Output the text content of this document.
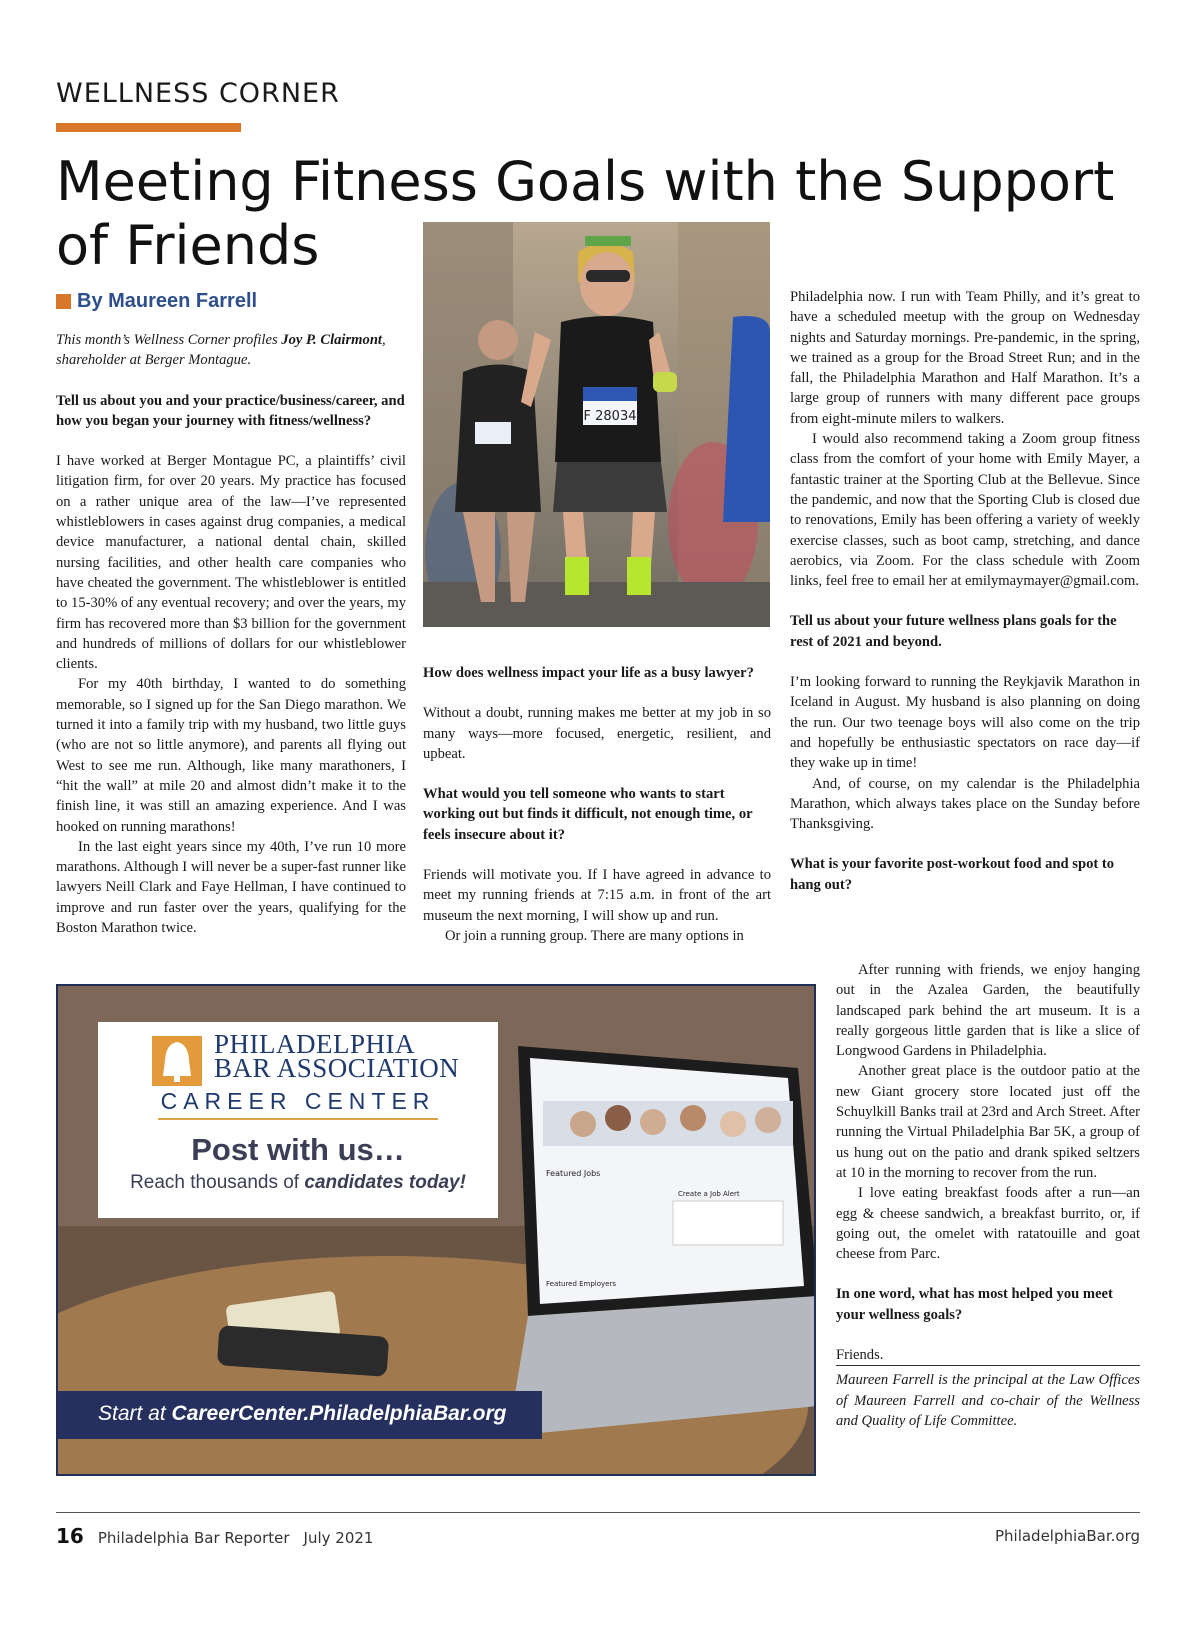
WELLNESS CORNER
Meeting Fitness Goals with the Support of Friends
By Maureen Farrell

This month’s Wellness Corner profiles Joy P. Clairmont, shareholder at Berger Montague.

Tell us about you and your practice/business/career, and how you began your journey with fitness/wellness?

I have worked at Berger Montague PC, a plaintiffs’ civil litigation firm, for over 20 years. My practice has focused on a rather unique area of the law—I’ve represented whistleblowers in cases against drug companies, a medical device manufacturer, a national dental chain, skilled nursing facilities, and other health care companies who have cheated the government. The whistleblower is entitled to 15-30% of any eventual recovery; and over the years, my firm has recovered more than $3 billion for the government and hundreds of millions of dollars for our whistleblower clients.

For my 40th birthday, I wanted to do something memorable, so I signed up for the San Diego marathon. We turned it into a family trip with my husband, two little guys (who are not so little anymore), and parents all flying out West to see me run. Although, like many marathoners, I “hit the wall” at mile 20 and almost didn’t make it to the finish line, it was still an amazing experience. And I was hooked on running marathons!

In the last eight years since my 40th, I’ve run 10 more marathons. Although I will never be a super-fast runner like lawyers Neill Clark and Faye Hellman, I have continued to improve and run faster over the years, qualifying for the Boston Marathon twice.

F 28034

How does wellness impact your life as a busy lawyer?

Without a doubt, running makes me better at my job in so many ways—more focused, energetic, resilient, and upbeat.

What would you tell someone who wants to start working out but finds it difficult, not enough time, or feels insecure about it?

Friends will motivate you. If I have agreed in advance to meet my running friends at 7:15 a.m. in front of the art museum the next morning, I will show up and run.

Or join a running group. There are many options in

Philadelphia now. I run with Team Philly, and it’s great to have a scheduled meetup with the group on Wednesday nights and Saturday mornings. Pre-pandemic, in the spring, we trained as a group for the Broad Street Run; and in the fall, the Philadelphia Marathon and Half Marathon. It’s a large group of runners with many different pace groups from eight-minute milers to walkers.

I would also recommend taking a Zoom group fitness class from the comfort of your home with Emily Mayer, a fantastic trainer at the Sporting Club at the Bellevue. Since the pandemic, and now that the Sporting Club is closed due to renovations, Emily has been offering a variety of weekly exercise classes, such as boot camp, stretching, and dance aerobics, via Zoom. For the class schedule with Zoom links, feel free to email her at emilymaymayer@gmail.com.

Tell us about your future wellness plans goals for the rest of 2021 and beyond.

I’m looking forward to running the Reykjavik Marathon in Iceland in August. My husband is also planning on doing the run. Our two teenage boys will also come on the trip and hopefully be enthusiastic spectators on race day—if they wake up in time!

And, of course, on my calendar is the Philadelphia Marathon, which always takes place on the Sunday before Thanksgiving.

What is your favorite post-workout food and spot to hang out?

After running with friends, we enjoy hanging out in the Azalea Garden, the beautifully landscaped park behind the art museum. It is a really gorgeous little garden that is like a slice of Longwood Gardens in Philadelphia.

Another great place is the outdoor patio at the new Giant grocery store located just off the Schuylkill Banks trail at 23rd and Arch Street. After running the Virtual Philadelphia Bar 5K, a group of us hung out on the patio and drank spiked seltzers at 10 in the morning to recover from the run.

I love eating breakfast foods after a run—an egg & cheese sandwich, a breakfast burrito, or, if going out, the omelet with ratatouille and goat cheese from Parc.

In one word, what has most helped you meet your wellness goals?

Friends.

Maureen Farrell is the principal at the Law Offices of Maureen Farrell and co-chair of the Wellness and Quality of Life Committee.

Featured Jobs
Create a Job Alert
Featured Employers
PHILADELPHIA
BAR ASSOCIATION
CAREER CENTER
Post with us…
Reach thousands of candidates today!
Start at CareerCenter.PhiladelphiaBar.org
16 Philadelphia Bar Reporter July 2021	PhiladelphiaBar.org
